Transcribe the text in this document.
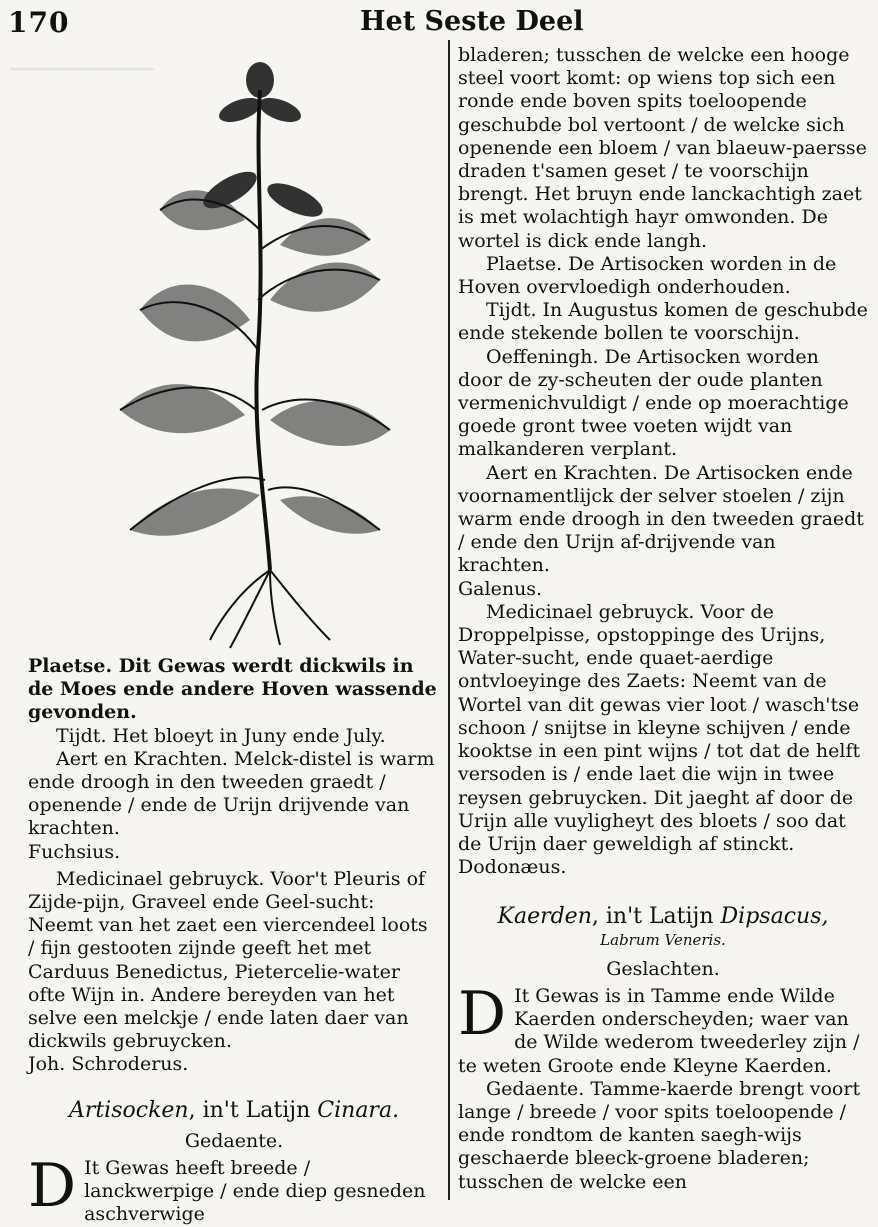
━━━━━━━━━━━━━━
170	Het Seste Deel

Plaetse. Dit Gewas werdt dickwils in de Moes ende andere Hoven wassende gevonden.

Tijdt. Het bloeyt in Juny ende July.

Aert en Krachten. Melck-distel is warm ende droogh in den tweeden graedt / openende / ende de Urijn drijvende van krachten.

Fuchsius.

Medicinael gebruyck. Voor't Pleuris of Zijde-pijn, Graveel ende Geel-sucht: Neemt van het zaet een viercendeel loots / fijn gestooten zijnde geeft het met Carduus Benedictus, Pietercelie-water ofte Wijn in. Andere bereyden van het selve een melckje / ende laten daer van dickwils gebruycken.

Joh. Schroderus.

Artisocken, in't Latijn Cinara.

Gedaente.

D It Gewas heeft breede / lanckwerpige / ende diep gesneden aschverwige

bladeren; tusschen de welcke een hooge steel voort komt: op wiens top sich een ronde ende boven spits toeloopende geschubde bol vertoont / de welcke sich openende een bloem / van blaeuw-paersse draden t'samen geset / te voorschijn brengt. Het bruyn ende lanckachtigh zaet is met wolachtigh hayr omwonden. De wortel is dick ende langh.

Plaetse. De Artisocken worden in de Hoven overvloedigh onderhouden.

Tijdt. In Augustus komen de geschubde ende stekende bollen te voorschijn.

Oeffeningh. De Artisocken worden door de zy-scheuten der oude planten vermenichvuldigt / ende op moerachtige goede gront twee voeten wijdt van malkanderen verplant.

Aert en Krachten. De Artisocken ende voornamentlijck der selver stoelen / zijn warm ende droogh in den tweeden graedt / ende den Urijn af-drijvende van krachten.

Galenus.

Medicinael gebruyck. Voor de Droppelpisse, opstoppinge des Urijns, Water-sucht, ende quaet-aerdige ontvloeyinge des Zaets: Neemt van de Wortel van dit gewas vier loot / wasch'tse schoon / snijtse in kleyne schijven / ende kooktse in een pint wijns / tot dat de helft versoden is / ende laet die wijn in twee reysen gebruycken. Dit jaeght af door de Urijn alle vuyligheyt des bloets / soo dat de Urijn daer geweldigh af stinckt.

Dodonæus.

Kaerden, in't Latijn Dipsacus,

Labrum Veneris.

Geslachten.

D It Gewas is in Tamme ende Wilde Kaerden onderscheyden; waer van de Wilde wederom tweederley zijn / te weten Groote ende Kleyne Kaerden.

Gedaente. Tamme-kaerde brengt voort lange / breede / voor spits toeloopende / ende rondtom de kanten saegh-wijs geschaerde bleeck-groene bladeren; tusschen de welcke een
